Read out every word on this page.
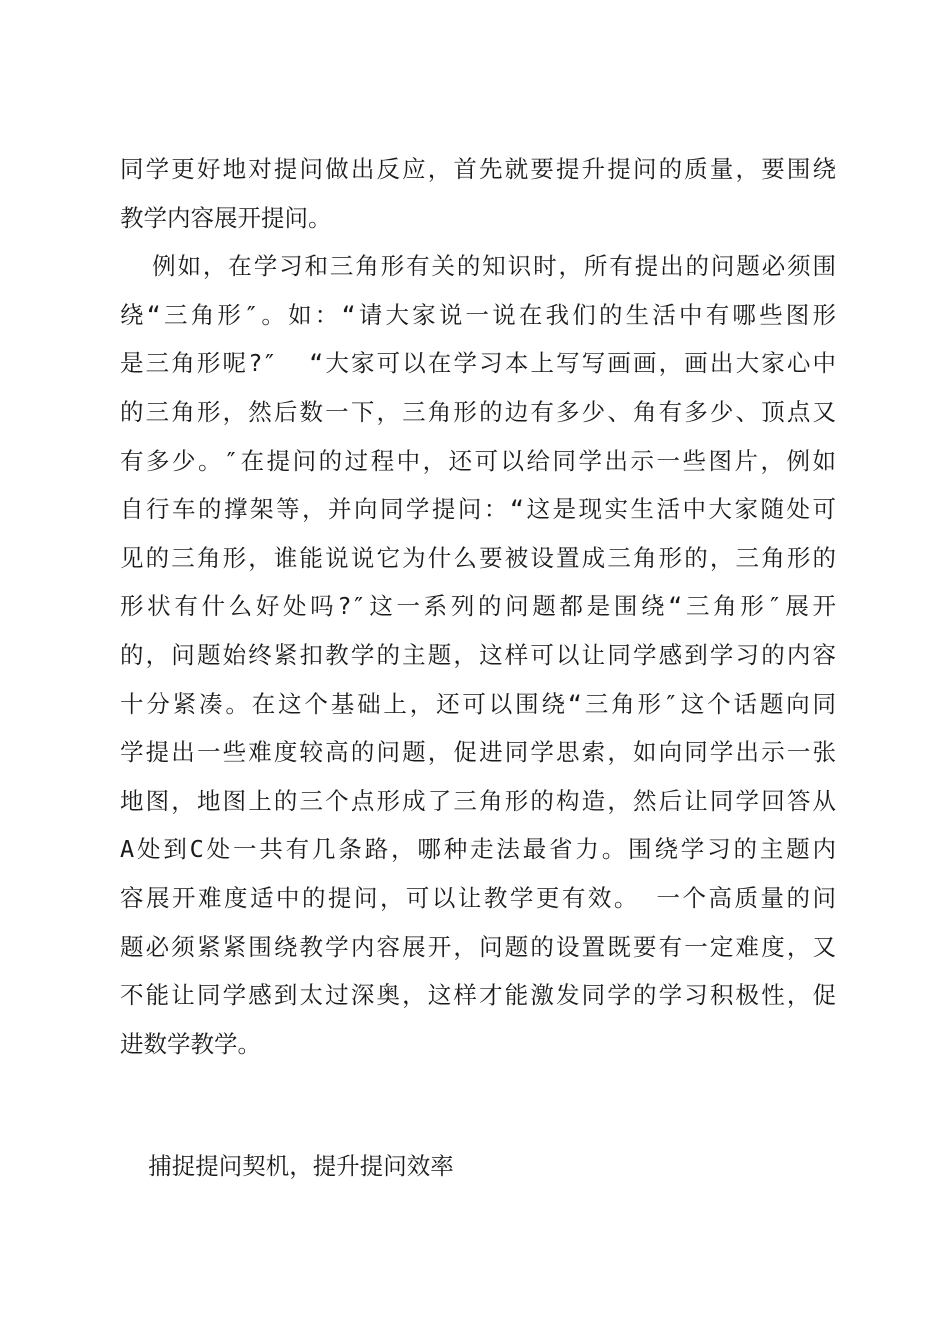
同学更好地对提问做出反应，首先就要提升提问的质量，要围绕
教学内容展开提问。
例如，在学习和三角形有关的知识时，所有提出的问题必须围
绕“三角形″。如：“请大家说一说在我们的生活中有哪些图形
是三角形呢?″  “大家可以在学习本上写写画画，画出大家心中
的三角形，然后数一下，三角形的边有多少、角有多少、顶点又
有多少。″在提问的过程中，还可以给同学出示一些图片，例如
自行车的撑架等，并向同学提问：“这是现实生活中大家随处可
见的三角形，谁能说说它为什么要被设置成三角形的，三角形的
形状有什么好处吗?″这一系列的问题都是围绕“三角形″展开
的，问题始终紧扣教学的主题，这样可以让同学感到学习的内容
十分紧凑。在这个基础上，还可以围绕“三角形″这个话题向同
学提出一些难度较高的问题，促进同学思索，如向同学出示一张
地图，地图上的三个点形成了三角形的构造，然后让同学回答从
A处到C处一共有几条路，哪种走法最省力。围绕学习的主题内
容展开难度适中的提问，可以让教学更有效。 一个高质量的问
题必须紧紧围绕教学内容展开，问题的设置既要有一定难度，又
不能让同学感到太过深奥，这样才能激发同学的学习积极性，促
进数学教学。
捕捉提问契机，提升提问效率
